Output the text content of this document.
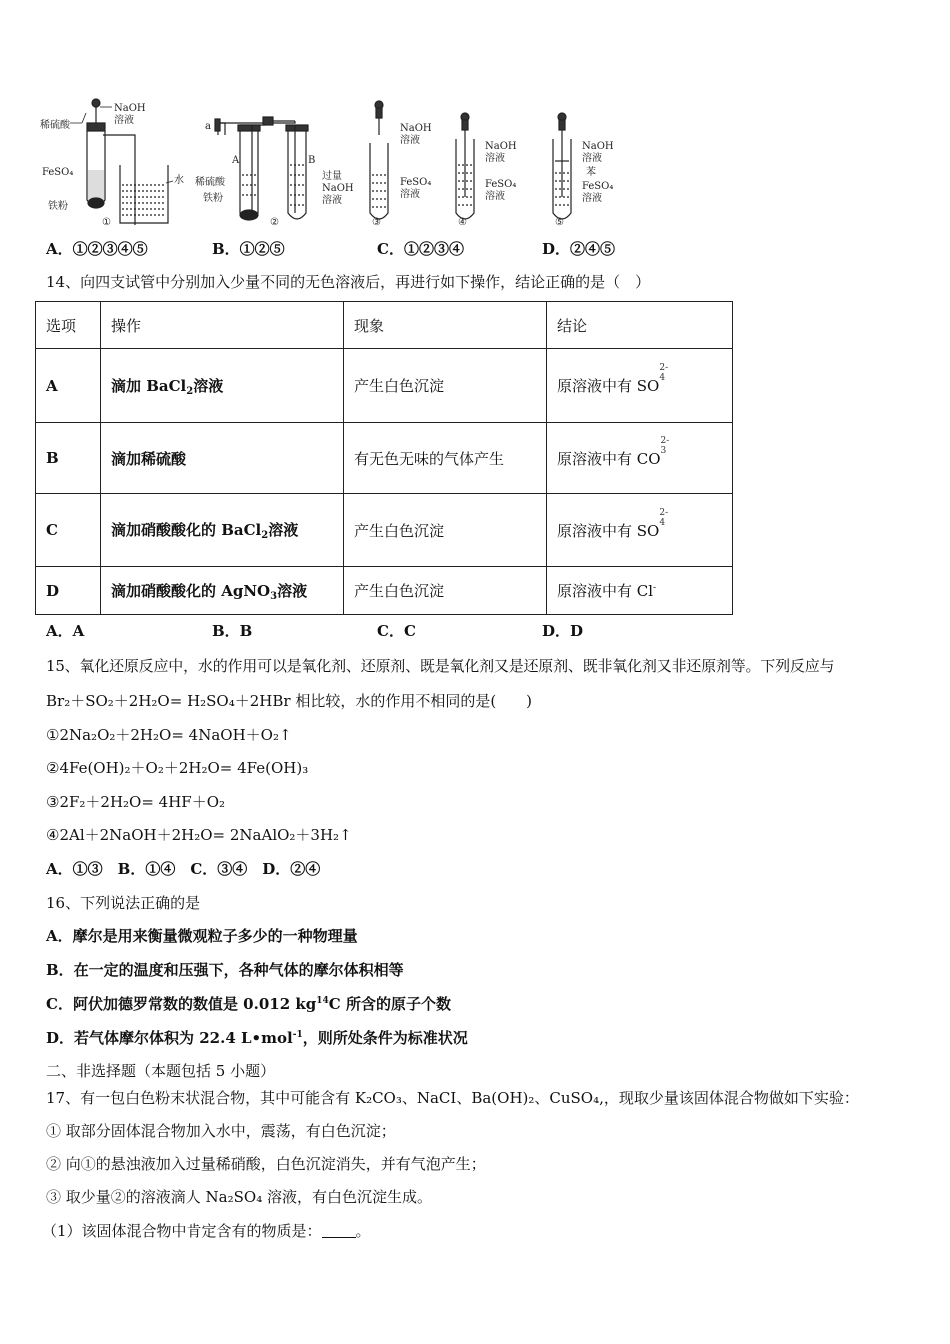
稀硫酸
NaOH
溶液
FeSO₄
铁粉
水
①
a
A	B
稀硫酸
铁粉
过量
NaOH
溶液
②
NaOH
溶液
FeSO₄
溶液
③
NaOH
溶液
FeSO₄
溶液
④
NaOH
溶液
苯
FeSO₄
溶液
⑤
A．①②③④⑤	B．①②⑤	C．①②③④	D．②④⑤
14、向四支试管中分别加入少量不同的无色溶液后，再进行如下操作，结论正确的是（　）
选项	操作	现象	结论
A	滴加 BaCl$_2$溶液	产生白色沉淀	原溶液中有 SO
2-
4

B	滴加稀硫酸	有无色无味的气体产生	原溶液中有 CO
2-
3

C	滴加硝酸酸化的 BaCl$_2$溶液	产生白色沉淀	原溶液中有 SO
2-
4

D	滴加硝酸酸化的 AgNO$_3$溶液	产生白色沉淀	原溶液中有 Cl-
A．A	B．B	C．C	D．D
15、氧化还原反应中，水的作用可以是氧化剂、还原剂、既是氧化剂又是还原剂、既非氧化剂又非还原剂等。下列反应与
Br₂＋SO₂＋2H₂O= H₂SO₄＋2HBr 相比较，水的作用不相同的是(　　)
①2Na₂O₂＋2H₂O= 4NaOH＋O₂↑
②4Fe(OH)₂＋O₂＋2H₂O= 4Fe(OH)₃
③2F₂＋2H₂O= 4HF＋O₂
④2Al＋2NaOH＋2H₂O= 2NaAlO₂＋3H₂↑
A．①③　B．①④　C．③④　D．②④
16、下列说法正确的是
A．摩尔是用来衡量微观粒子多少的一种物理量
B．在一定的温度和压强下，各种气体的摩尔体积相等
C．阿伏加德罗常数的数值是 0.012 $kg^{14}C$ 所含的原子个数
D．若气体摩尔体积为 22.4 L•mol$^{-1}$，则所处条件为标准状况
二、非选择题（本题包括 5 小题）
17、有一包白色粉末状混合物，其中可能含有 K₂CO₃、NaCI、Ba(OH)₂、CuSO₄,，现取少量该固体混合物做如下实验：
① 取部分固体混合物加入水中，震荡，有白色沉淀；
② 向①的悬浊液加入过量稀硝酸，白色沉淀消失，并有气泡产生；
③ 取少量②的溶液滴人 Na₂SO₄ 溶液，有白色沉淀生成。
（1）该固体混合物中肯定含有的物质是： 。
